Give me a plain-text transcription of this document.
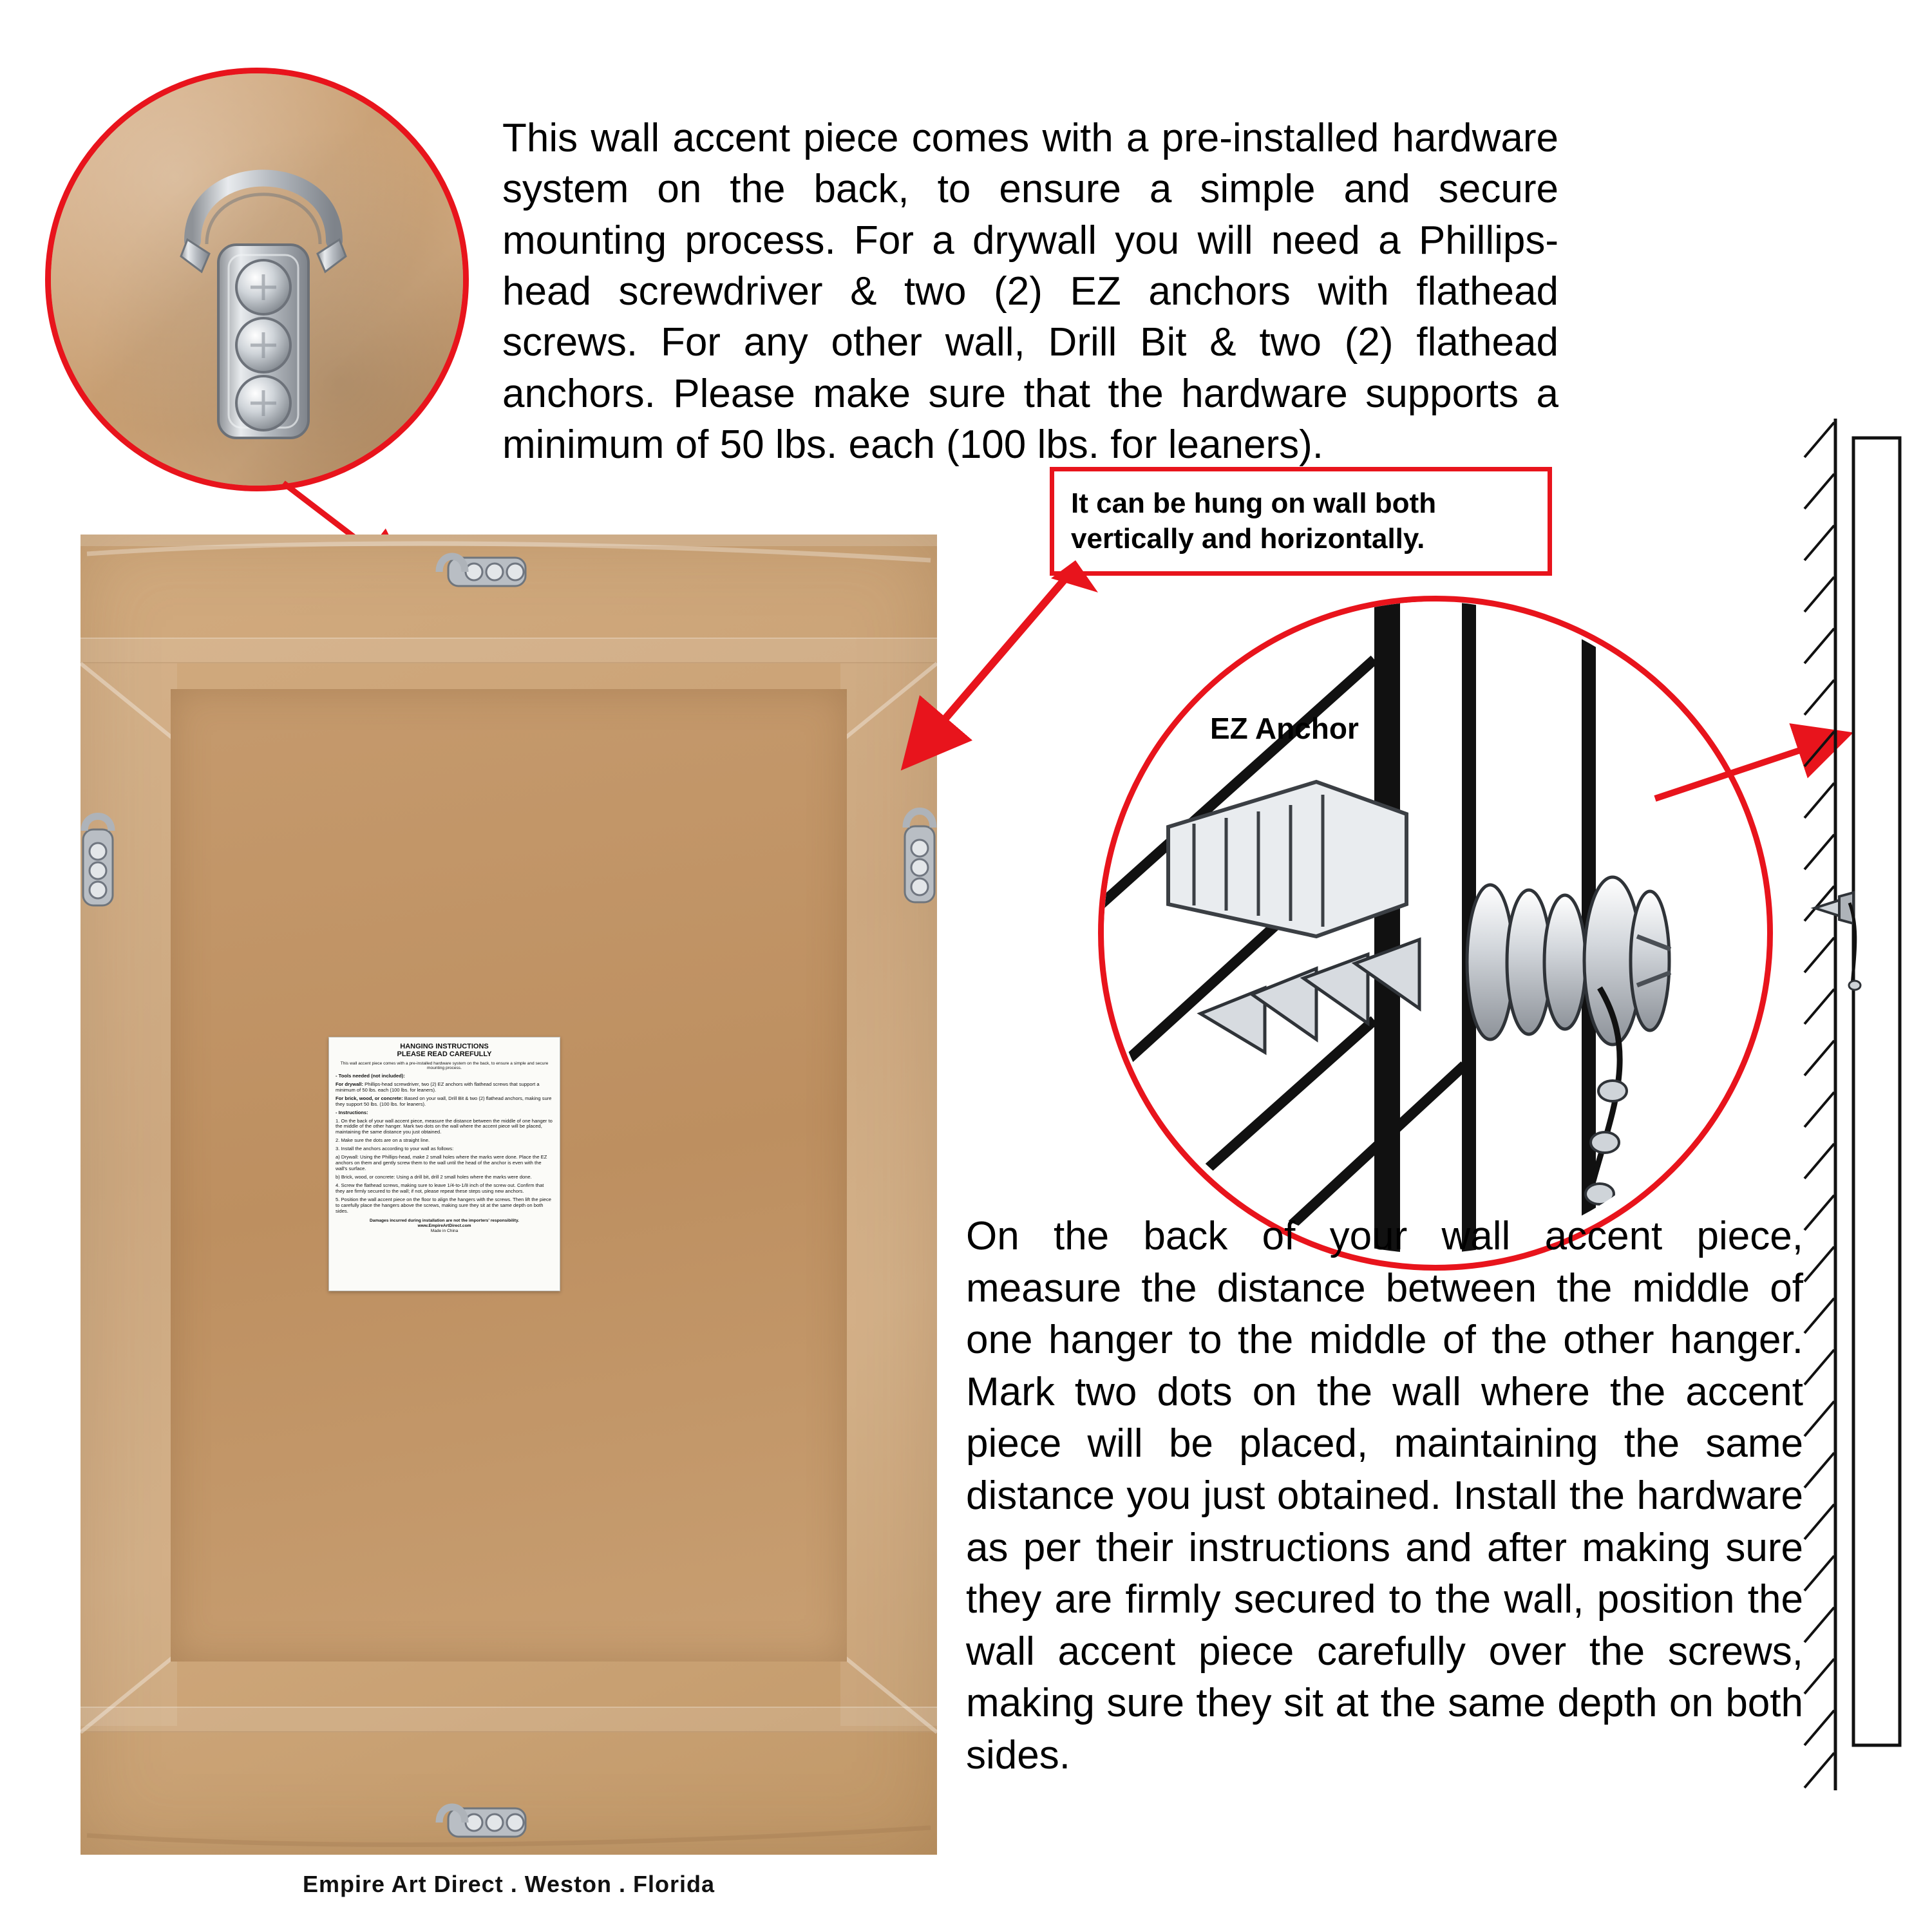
This wall accent piece comes with a pre-installed hardware system on the back, to ensure a simple and secure mounting process. For a drywall you will need a Phillips-head screwdriver & two (2) EZ anchors with flathead screws. For any other wall, Drill Bit & two (2) flathead anchors. Please make sure that the hardware supports a minimum of 50 lbs. each (100 lbs. for leaners).
HANGING INSTRUCTIONS
PLEASE READ CAREFULLY
This wall accent piece comes with a pre-installed hardware system on the back, to ensure a simple and secure mounting process.

- Tools needed (not included):

For drywall: Phillips-head screwdriver, two (2) EZ anchors with flathead screws that support a minimum of 50 lbs. each (100 lbs. for leaners).

For brick, wood, or concrete: Based on your wall, Drill Bit & two (2) flathead anchors, making sure they support 50 lbs. (100 lbs. for leaners).

- Instructions:

1. On the back of your wall accent piece, measure the distance between the middle of one hanger to the middle of the other hanger. Mark two dots on the wall where the accent piece will be placed, maintaining the same distance you just obtained.

2. Make sure the dots are on a straight line.

3. Install the anchors according to your wall as follows:

a) Drywall: Using the Phillips-head, make 2 small holes where the marks were done. Place the EZ anchors on them and gently screw them to the wall until the head of the anchor is even with the wall's surface.

b) Brick, wood, or concrete: Using a drill bit, drill 2 small holes where the marks were done.

4. Screw the flathead screws, making sure to leave 1/4-to-1/8 inch of the screw out. Confirm that they are firmly secured to the wall; if not, please repeat these steps using new anchors.

5. Position the wall accent piece on the floor to align the hangers with the screws. Then lift the piece to carefully place the hangers above the screws, making sure they sit at the same depth on both sides.

Damages incurred during installation are not the importers' responsibility.
www.EmpireArtDirect.com
Made in China
Empire Art Direct . Weston . Florida
It can be hung on wall both vertically and horizontally.
EZ Anchor
On the back of your wall accent piece, measure the distance between the middle of one hanger to the middle of the other hanger. Mark two dots on the wall where the accent piece will be placed, maintaining the same distance you just obtained. Install the hardware as per their instructions and after making sure they are firmly secured to the wall, position the wall accent piece carefully over the screws, making sure they sit at the same depth on both sides.
